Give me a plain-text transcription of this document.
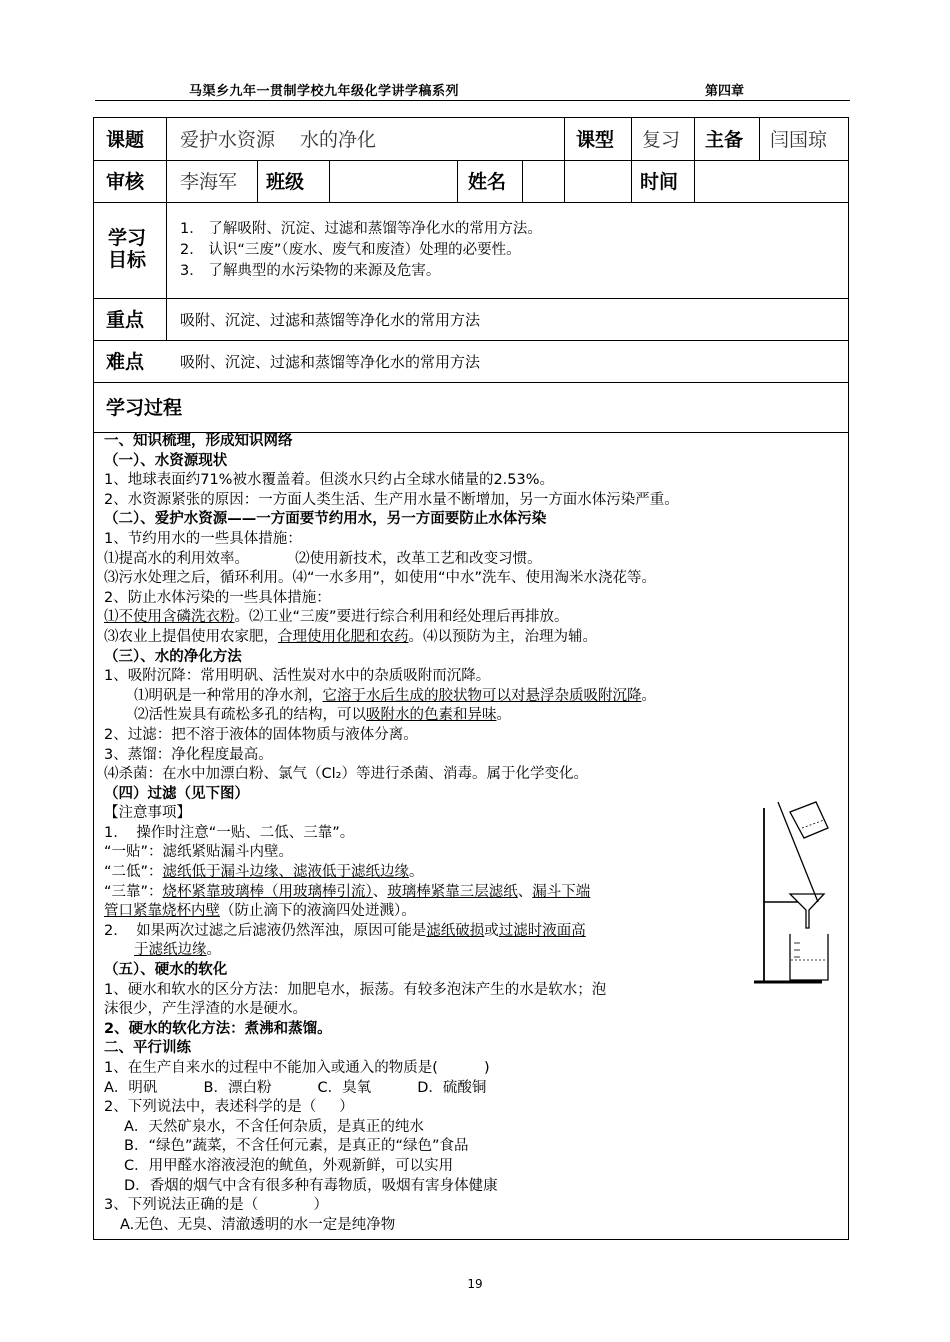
马渠乡九年一贯制学校九年级化学讲学稿系列	第四章
课题 爱护水资源　 水的净化	课型 复习 主备 闫国琼
审核 李海军 班级	姓名	时间
学习
目标
1． 了解吸附、沉淀、过滤和蒸馏等净化水的常用方法。
2． 认识“三废”（废水、废气和废渣）处理的必要性。
3． 了解典型的水污染物的来源及危害。
重点 吸附、沉淀、过滤和蒸馏等净化水的常用方法
难点 吸附、沉淀、过滤和蒸馏等净化水的常用方法
学习过程
一、知识梳理，形成知识网络
（一）、水资源现状
1、地球表面约71%被水覆盖着。但淡水只约占全球水储量的2.53%。
2、水资源紧张的原因：一方面人类生活、生产用水量不断增加，另一方面水体污染严重。
（二）、爱护水资源——一方面要节约用水，另一方面要防止水体污染
1、节约用水的一些具体措施：
⑴提高水的利用效率。          ⑵使用新技术，改革工艺和改变习惯。
⑶污水处理之后，循环利用。⑷“一水多用”，如使用“中水”洗车、使用淘米水浇花等。
2、防止水体污染的一些具体措施：
⑴不使用含磷洗衣粉。⑵工业“三废”要进行综合利用和经处理后再排放。
⑶农业上提倡使用农家肥，合理使用化肥和农药。⑷以预防为主，治理为辅。
（三）、水的净化方法
1、吸附沉降：常用明矾、活性炭对水中的杂质吸附而沉降。
⑴明矾是一种常用的净水剂，它溶于水后生成的胶状物可以对悬浮杂质吸附沉降。
⑵活性炭具有疏松多孔的结构，可以吸附水的色素和异味。
2、过滤：把不溶于液体的固体物质与液体分离。
3、蒸馏：净化程度最高。
⑷杀菌：在水中加漂白粉、氯气（Cl₂）等进行杀菌、消毒。属于化学变化。
（四）过滤（见下图）
【注意事项】
1.    操作时注意“一贴、二低、三靠”。
“一贴”：滤纸紧贴漏斗内壁。
“二低”：滤纸低于漏斗边缘、滤液低于滤纸边缘。
“三靠”：烧杯紧靠玻璃棒（用玻璃棒引流）、玻璃棒紧靠三层滤纸、漏斗下端
管口紧靠烧杯内壁（防止滴下的液滴四处迸溅）。
2.    如果两次过滤之后滤液仍然浑浊，原因可能是滤纸破损或过滤时液面高
于滤纸边缘。
（五）、硬水的软化
1、硬水和软水的区分方法：加肥皂水，振荡。有较多泡沫产生的水是软水；泡
沫很少，产生浮渣的水是硬水。
2、硬水的软化方法：煮沸和蒸馏。
二、平行训练
1、在生产自来水的过程中不能加入或通入的物质是(          )
A．明矾          B．漂白粉          C．臭氧          D．硫酸铜
2、下列说法中，表述科学的是（     ）
A．天然矿泉水，不含任何杂质，是真正的纯水
B．“绿色”蔬菜，不含任何元素，是真正的“绿色”食品
C．用甲醛水溶液浸泡的鱿鱼，外观新鲜，可以实用
D．香烟的烟气中含有很多种有毒物质，吸烟有害身体健康
3、下列说法正确的是（            ）
A.无色、无臭、清澈透明的水一定是纯净物
19
